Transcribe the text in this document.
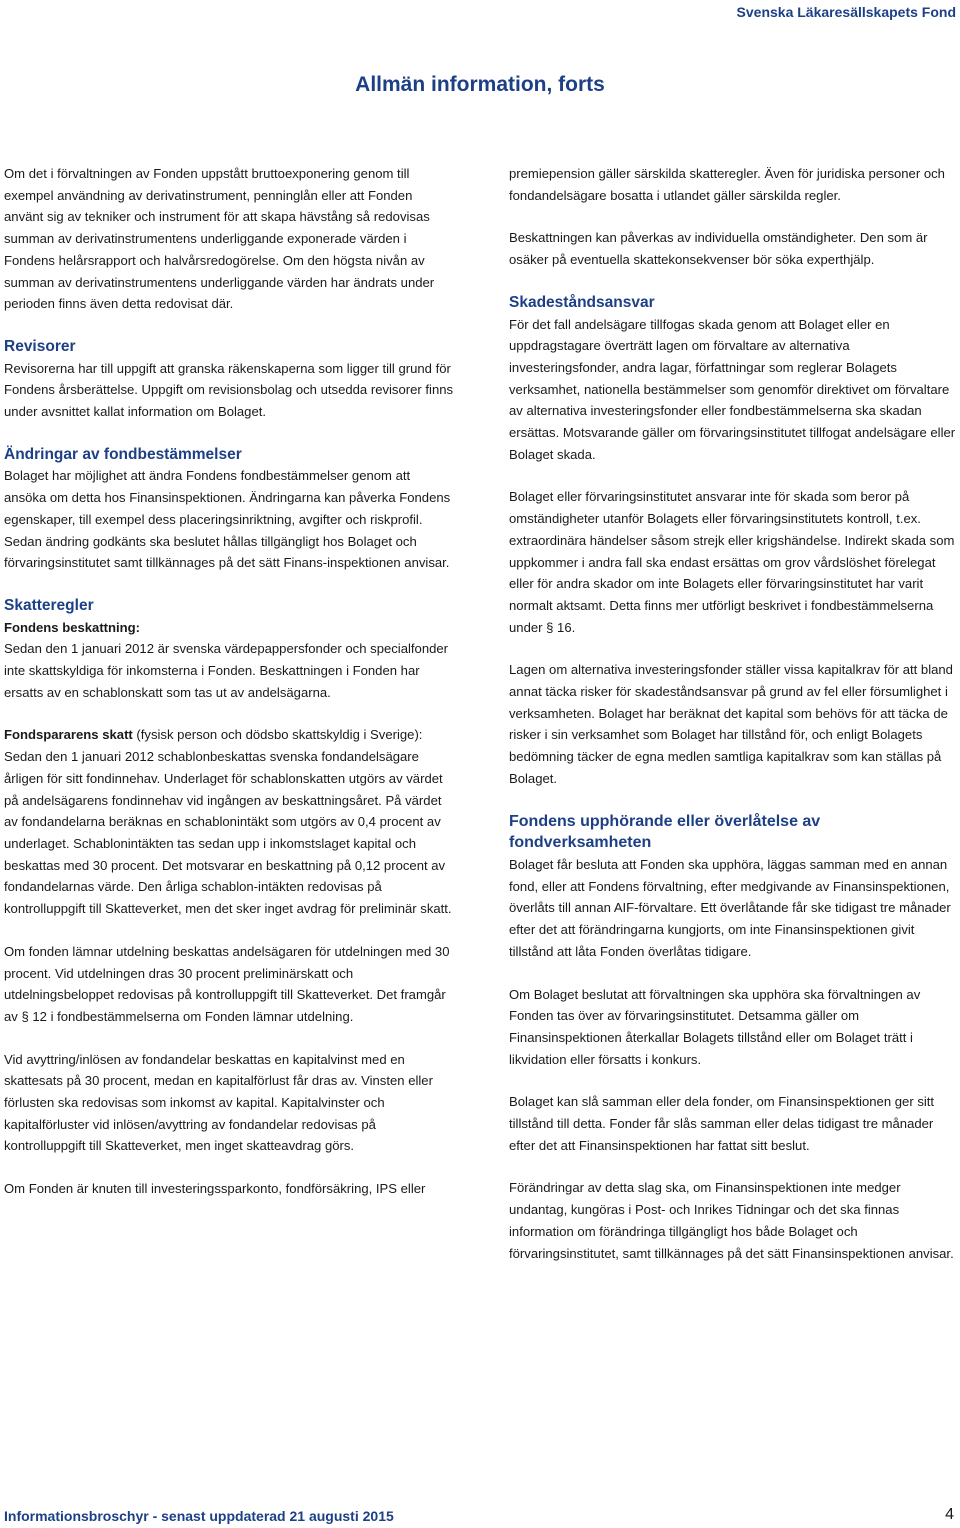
Svenska Läkaresällskapets Fond
Allmän information, forts

Om det i förvaltningen av Fonden uppstått bruttoexponering genom till exempel användning av derivatinstrument, penninglån eller att Fonden använt sig av tekniker och instrument för att skapa hävstång så redovisas summan av derivatinstrumentens underliggande exponerade värden i Fondens helårsrapport och halvårsredogörelse. Om den högsta nivån av summan av derivatinstrumentens underliggande värden har ändrats under perioden finns även detta redovisat där.

Revisorer

Revisorerna har till uppgift att granska räkenskaperna som ligger till grund för Fondens årsberättelse. Uppgift om revisionsbolag och utsedda revisorer finns under avsnittet kallat information om Bolaget.

Ändringar av fondbestämmelser

Bolaget har möjlighet att ändra Fondens fondbestämmelser genom att ansöka om detta hos Finansinspektionen. Ändringarna kan påverka Fondens egenskaper, till exempel dess placeringsinriktning, avgifter och riskprofil. Sedan ändring godkänts ska beslutet hållas tillgängligt hos Bolaget och förvaringsinstitutet samt tillkännages på det sätt Finans-inspektionen anvisar.

Skatteregler
Fondens beskattning:

Sedan den 1 januari 2012 är svenska värdepappersfonder och specialfonder inte skattskyldiga för inkomsterna i Fonden. Beskattningen i Fonden har ersatts av en schablonskatt som tas ut av andelsägarna.

Fondspararens skatt (fysisk person och dödsbo skattskyldig i Sverige): Sedan den 1 januari 2012 schablonbeskattas svenska fondandelsägare årligen för sitt fondinnehav. Underlaget för schablonskatten utgörs av värdet på andelsägarens fondinnehav vid ingången av beskattningsåret. På värdet av fondandelarna beräknas en schablonintäkt som utgörs av 0,4 procent av underlaget. Schablonintäkten tas sedan upp i inkomstslaget kapital och beskattas med 30 procent. Det motsvarar en beskattning på 0,12 procent av fondandelarnas värde. Den årliga schablon-intäkten redovisas på kontrolluppgift till Skatteverket, men det sker inget avdrag för preliminär skatt.

Om fonden lämnar utdelning beskattas andelsägaren för utdelningen med 30 procent. Vid utdelningen dras 30 procent preliminärskatt och utdelningsbeloppet redovisas på kontrolluppgift till Skatteverket. Det framgår av § 12 i fondbestämmelserna om Fonden lämnar utdelning.

Vid avyttring/inlösen av fondandelar beskattas en kapitalvinst med en skattesats på 30 procent, medan en kapitalförlust får dras av. Vinsten eller förlusten ska redovisas som inkomst av kapital. Kapitalvinster och kapitalförluster vid inlösen/avyttring av fondandelar redovisas på kontrolluppgift till Skatteverket, men inget skatteavdrag görs.

Om Fonden är knuten till investeringssparkonto, fondförsäkring, IPS eller

premiepension gäller särskilda skatteregler. Även för juridiska personer och fondandelsägare bosatta i utlandet gäller särskilda regler.

Beskattningen kan påverkas av individuella omständigheter. Den som är osäker på eventuella skattekonsekvenser bör söka experthjälp.

Skadeståndsansvar

För det fall andelsägare tillfogas skada genom att Bolaget eller en uppdragstagare överträtt lagen om förvaltare av alternativa investeringsfonder, andra lagar, författningar som reglerar Bolagets verksamhet, nationella bestämmelser som genomför direktivet om förvaltare av alternativa investeringsfonder eller fondbestämmelserna ska skadan ersättas. Motsvarande gäller om förvaringsinstitutet tillfogat andelsägare eller Bolaget skada.

Bolaget eller förvaringsinstitutet ansvarar inte för skada som beror på omständigheter utanför Bolagets eller förvaringsinstitutets kontroll, t.ex. extraordinära händelser såsom strejk eller krigshändelse. Indirekt skada som uppkommer i andra fall ska endast ersättas om grov vårdslöshet förelegat eller för andra skador om inte Bolagets eller förvaringsinstitutet har varit normalt aktsamt. Detta finns mer utförligt beskrivet i fondbestämmelserna under § 16.

Lagen om alternativa investeringsfonder ställer vissa kapitalkrav för att bland annat täcka risker för skadeståndsansvar på grund av fel eller försumlighet i verksamheten. Bolaget har beräknat det kapital som behövs för att täcka de risker i sin verksamhet som Bolaget har tillstånd för, och enligt Bolagets bedömning täcker de egna medlen samtliga kapitalkrav som kan ställas på Bolaget.

Fondens upphörande eller överlåtelse av fondverksamheten

Bolaget får besluta att Fonden ska upphöra, läggas samman med en annan fond, eller att Fondens förvaltning, efter medgivande av Finansinspektionen, överlåts till annan AIF-förvaltare. Ett överlåtande får ske tidigast tre månader efter det att förändringarna kungjorts, om inte Finansinspektionen givit tillstånd att låta Fonden överlåtas tidigare.

Om Bolaget beslutat att förvaltningen ska upphöra ska förvaltningen av Fonden tas över av förvaringsinstitutet. Detsamma gäller om Finansinspektionen återkallar Bolagets tillstånd eller om Bolaget trätt i likvidation eller försatts i konkurs.

Bolaget kan slå samman eller dela fonder, om Finansinspektionen ger sitt tillstånd till detta. Fonder får slås samman eller delas tidigast tre månader efter det att Finansinspektionen har fattat sitt beslut.

Förändringar av detta slag ska, om Finansinspektionen inte medger undantag, kungöras i Post- och Inrikes Tidningar och det ska finnas information om förändringa tillgängligt hos både Bolaget och förvaringsinstitutet, samt tillkännages på det sätt Finansinspektionen anvisar.

Informationsbroschyr - senast uppdaterad 21 augusti 2015	4
